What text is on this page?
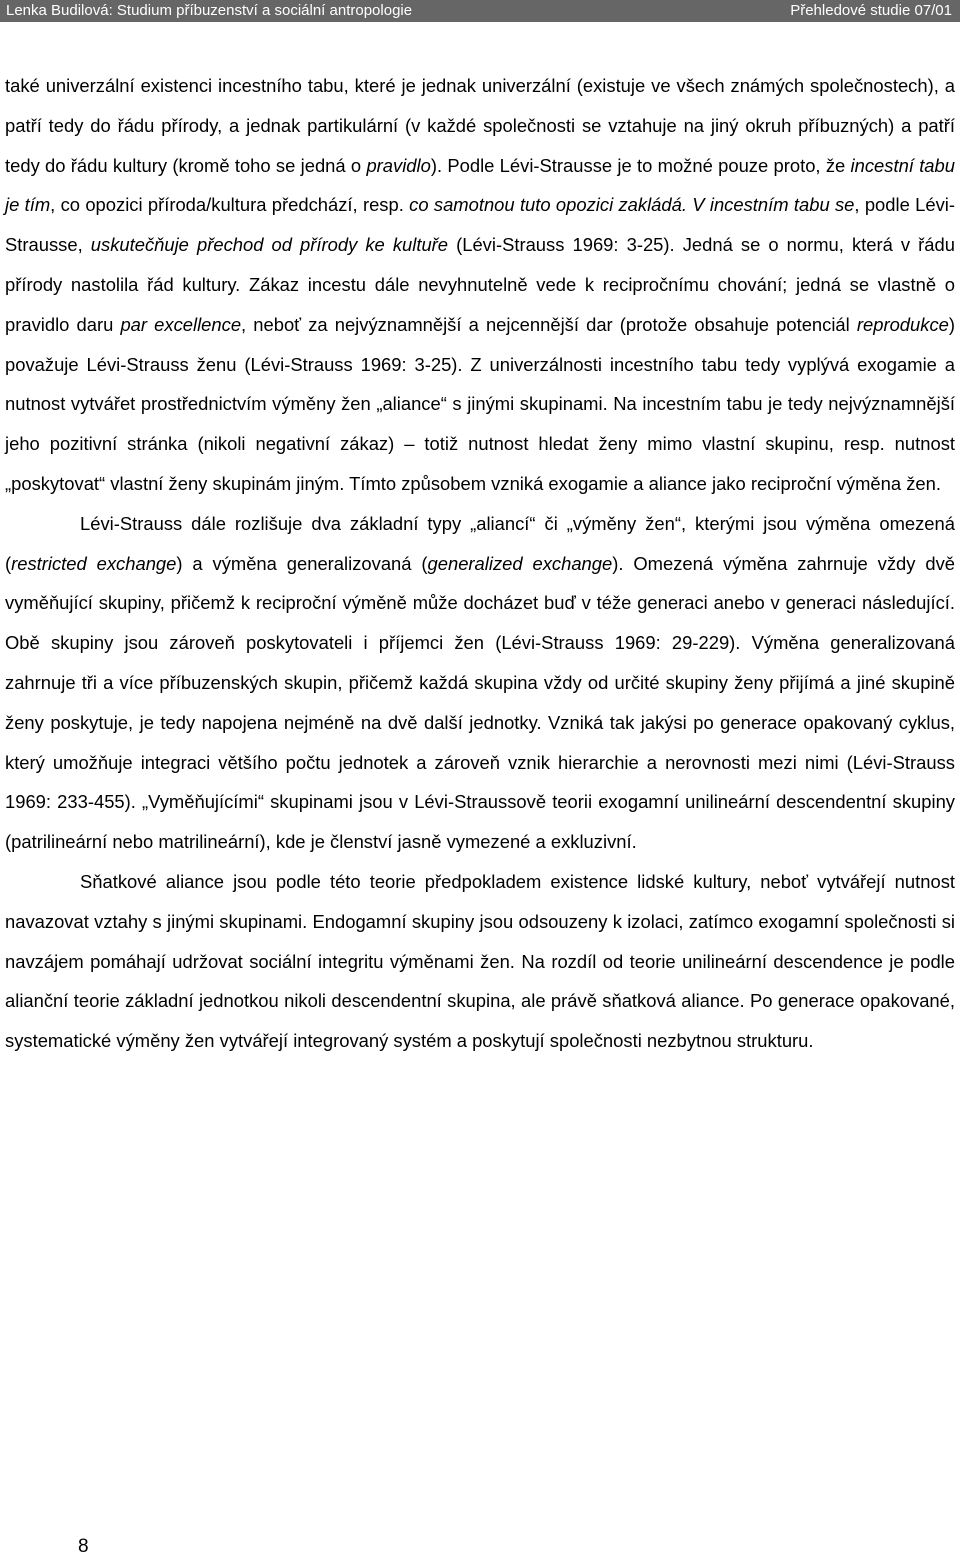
Lenka Budilová: Studium příbuzenství a sociální antropologie	Přehledové studie 07/01

také univerzální existenci incestního tabu, které je jednak univerzální (existuje ve všech známých společnostech), a patří tedy do řádu přírody, a jednak partikulární (v každé společnosti se vztahuje na jiný okruh příbuzných) a patří tedy do řádu kultury (kromě toho se jedná o pravidlo). Podle Lévi-Strausse je to možné pouze proto, že incestní tabu je tím, co opozici příroda/kultura předchází, resp. co samotnou tuto opozici zakládá. V incestním tabu se, podle Lévi-Strausse, uskutečňuje přechod od přírody ke kultuře (Lévi-Strauss 1969: 3-25). Jedná se o normu, která v řádu přírody nastolila řád kultury. Zákaz incestu dále nevyhnutelně vede k recipročnímu chování; jedná se vlastně o pravidlo daru par excellence, neboť za nejvýznamnější a nejcennější dar (protože obsahuje potenciál reprodukce) považuje Lévi-Strauss ženu (Lévi-Strauss 1969: 3-25). Z univerzálnosti incestního tabu tedy vyplývá exogamie a nutnost vytvářet prostřednictvím výměny žen „aliance“ s jinými skupinami. Na incestním tabu je tedy nejvýznamnější jeho pozitivní stránka (nikoli negativní zákaz) – totiž nutnost hledat ženy mimo vlastní skupinu, resp. nutnost „poskytovat“ vlastní ženy skupinám jiným. Tímto způsobem vzniká exogamie a aliance jako reciproční výměna žen.

Lévi-Strauss dále rozlišuje dva základní typy „aliancí“ či „výměny žen“, kterými jsou výměna omezená (restricted exchange) a výměna generalizovaná (generalized exchange). Omezená výměna zahrnuje vždy dvě vyměňující skupiny, přičemž k reciproční výměně může docházet buď v téže generaci anebo v generaci následující. Obě skupiny jsou zároveň poskytovateli i příjemci žen (Lévi-Strauss 1969: 29-229). Výměna generalizovaná zahrnuje tři a více příbuzenských skupin, přičemž každá skupina vždy od určité skupiny ženy přijímá a jiné skupině ženy poskytuje, je tedy napojena nejméně na dvě další jednotky. Vzniká tak jakýsi po generace opakovaný cyklus, který umožňuje integraci většího počtu jednotek a zároveň vznik hierarchie a nerovnosti mezi nimi (Lévi-Strauss 1969: 233-455). „Vyměňujícími“ skupinami jsou v Lévi-Straussově teorii exogamní unilineární descendentní skupiny (patrilineární nebo matrilineární), kde je členství jasně vymezené a exkluzivní.

Sňatkové aliance jsou podle této teorie předpokladem existence lidské kultury, neboť vytvářejí nutnost navazovat vztahy s jinými skupinami. Endogamní skupiny jsou odsouzeny k izolaci, zatímco exogamní společnosti si navzájem pomáhají udržovat sociální integritu výměnami žen. Na rozdíl od teorie unilineární descendence je podle alianční teorie základní jednotkou nikoli descendentní skupina, ale právě sňatková aliance. Po generace opakované, systematické výměny žen vytvářejí integrovaný systém a poskytují společnosti nezbytnou strukturu.

8
